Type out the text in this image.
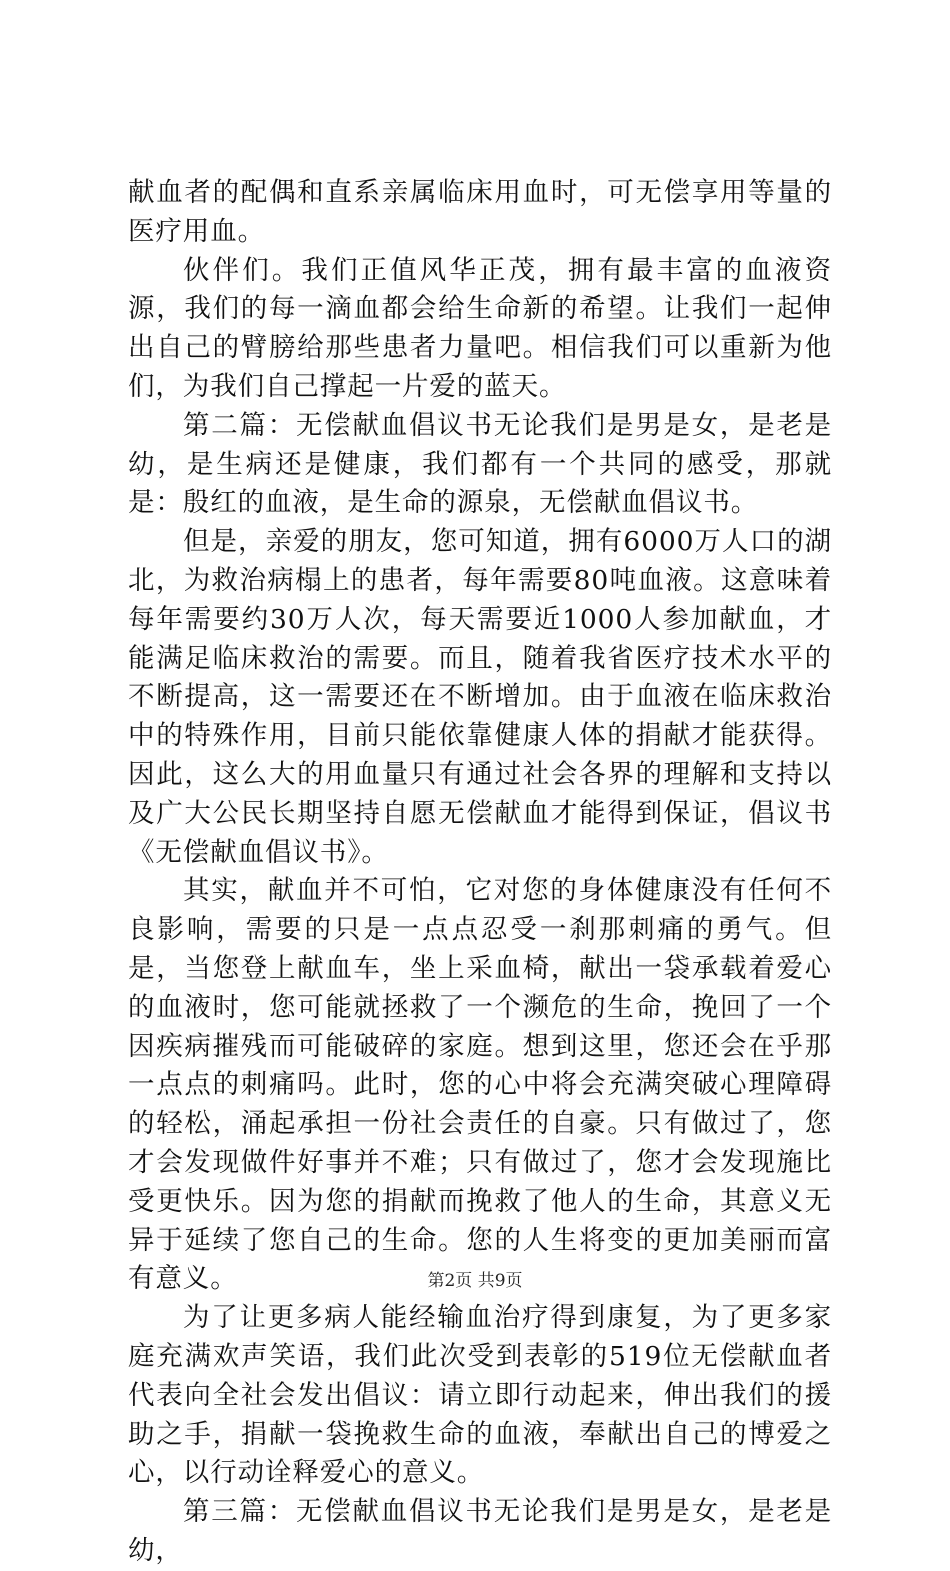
献血者的配偶和直系亲属临床用血时，可无偿享用等量的医疗用血。

伙伴们。我们正值风华正茂，拥有最丰富的血液资源，我们的每一滴血都会给生命新的希望。让我们一起伸出自己的臂膀给那些患者力量吧。相信我们可以重新为他们，为我们自己撑起一片爱的蓝天。

第二篇：无偿献血倡议书无论我们是男是女，是老是幼，是生病还是健康，我们都有一个共同的感受，那就是：殷红的血液，是生命的源泉，无偿献血倡议书。

但是，亲爱的朋友，您可知道，拥有6000万人口的湖北，为救治病榻上的患者，每年需要80吨血液。这意味着每年需要约30万人次，每天需要近1000人参加献血，才能满足临床救治的需要。而且，随着我省医疗技术水平的不断提高，这一需要还在不断增加。由于血液在临床救治中的特殊作用，目前只能依靠健康人体的捐献才能获得。因此，这么大的用血量只有通过社会各界的理解和支持以及广大公民长期坚持自愿无偿献血才能得到保证，倡议书《无偿献血倡议书》。

其实，献血并不可怕，它对您的身体健康没有任何不良影响，需要的只是一点点忍受一刹那刺痛的勇气。但是，当您登上献血车，坐上采血椅，献出一袋承载着爱心的血液时，您可能就拯救了一个濒危的生命，挽回了一个因疾病摧残而可能破碎的家庭。想到这里，您还会在乎那一点点的刺痛吗。此时，您的心中将会充满突破心理障碍的轻松，涌起承担一份社会责任的自豪。只有做过了，您才会发现做件好事并不难；只有做过了，您才会发现施比受更快乐。因为您的捐献而挽救了他人的生命，其意义无异于延续了您自己的生命。您的人生将变的更加美丽而富有意义。

为了让更多病人能经输血治疗得到康复，为了更多家庭充满欢声笑语，我们此次受到表彰的519位无偿献血者代表向全社会发出倡议：请立即行动起来，伸出我们的援助之手，捐献一袋挽救生命的血液，奉献出自己的博爱之心，以行动诠释爱心的意义。

第三篇：无偿献血倡议书无论我们是男是女，是老是幼，

第2页 共9页
